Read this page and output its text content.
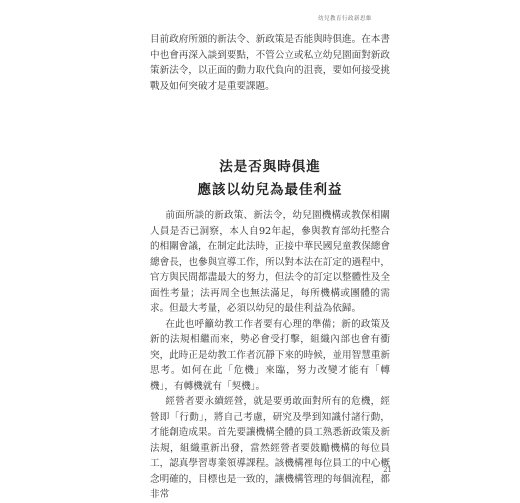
幼兒教育行政新思維

目前政府所頒的新法令、新政策是否能與時俱進。在本書中也會再深入談到要點，不管公立或私立幼兒園面對新政策新法令，以正面的動力取代負向的沮喪，要如何接受挑戰及如何突破才是重要課題。

法是否與時俱進
應該以幼兒為最佳利益

前面所談的新政策、新法令，幼兒園機構或教保相關人員是否已洞察，本人自92年起，參與教育部幼托整合的相關會議，在制定此法時，正接中華民國兒童教保總會總會長，也參與宣導工作，所以對本法在訂定的過程中，官方與民間都盡最大的努力，但法令的訂定以整體性及全面性考量；法再周全也無法滿足，每所機構或團體的需求。但最大考量，必須以幼兒的最佳利益為依歸。

在此也呼籲幼教工作者要有心理的準備；新的政策及新的法規相繼而來，勢必會受打擊，組織內部也會有衝突，此時正是幼教工作者沉靜下來的時候，並用智慧重新思考。如何在此「危機」來臨，努力改變才能有「轉機」，有轉機就有「契機」。

經營者要永續經營，就是要勇敢面對所有的危機，經營即「行動」，將自己考慮，研究及學到知識付諸行動，才能創造成果。首先要讓機構全體的員工熟悉新政策及新法規，組織重新出發，當然經營者要鼓勵機構的每位員工，認真學習專業領導課程。該機構裡每位員工的中心概念明確的，目標也是一致的，讓機構管理的每個流程，都非常

21
